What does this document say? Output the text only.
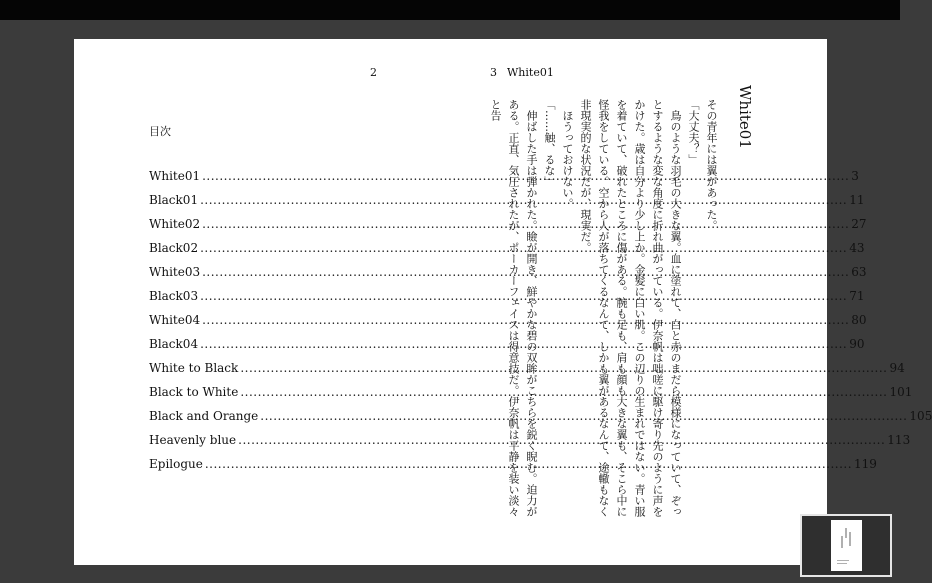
2
目次
White01 .....	3
Black01 .....	11
White02 .....	27
Black02 .....	43
White03 .....	63
Black03 .....	71
White04 .....	80
Black04 .....	90
White to Black .....	94
Black to White .....	101
Black and Orange .....	105
Heavenly blue .....	113
Epilogue .....	119
3 White01
White01

その青年には翼があった。

「大丈夫？」

　鳥のような羽毛の大きな翼。血に塗れて、白と赤のまだら模様になっていて、ぞっとするような変な角度に折れ曲がっている。伊奈帆は咄嗟に駆け寄り先のように声をかけた。歳は自分より少し上か。金髪に白い肌。この辺りの生まれではない。青い服を着ていて、破れたところに傷がある。腕も足も、肩も顔も大きな翼も、そこら中に怪我をしている。空から人が落ちてくるなんて、しかも翼があるなんて、途轍もなく非現実的な状況だが、現実だ。

　ほうっておけない。

「……触、るな」

　伸ばした手は弾かれた。瞼が開き、鮮やかな碧の双眸がこちらを鋭く睨む。迫力がある。正直、気圧されたが、ポーカーフェイスは得意技だ。伊奈帆は平静を装い淡々と告
